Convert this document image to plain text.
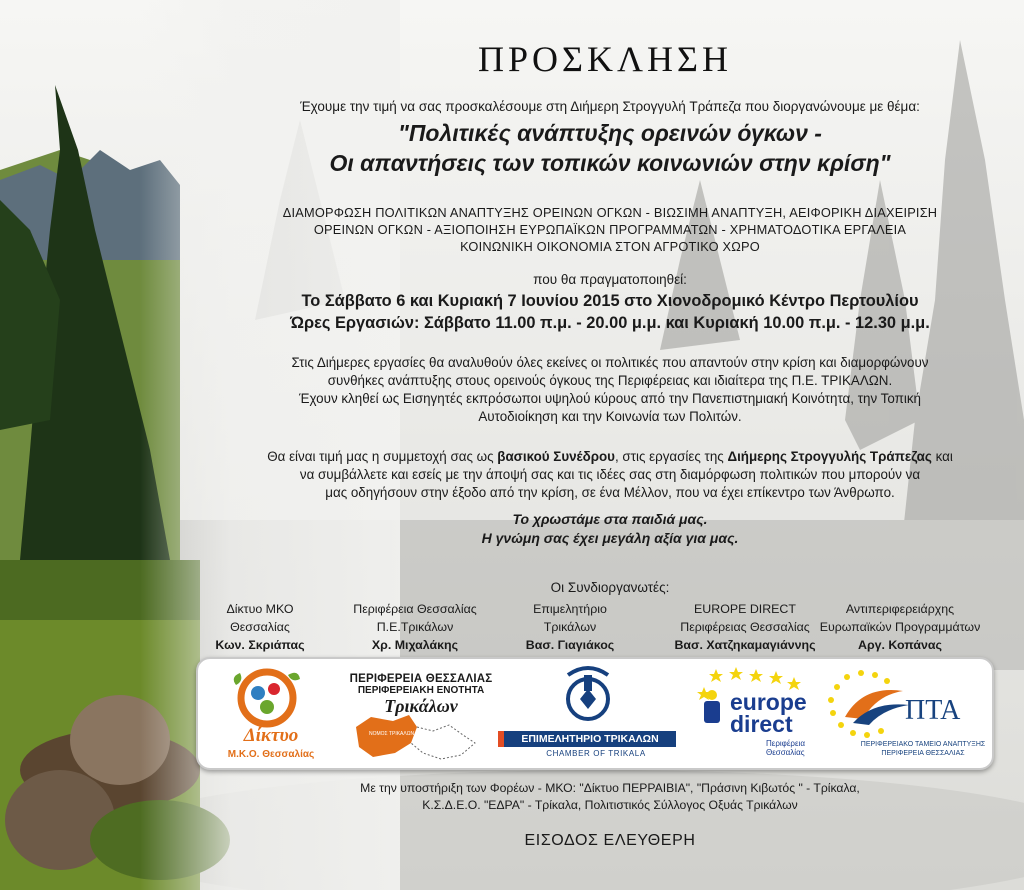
ΠΡΟΣΚΛΗΣΗ
Έχουμε την τιμή να σας προσκαλέσουμε στη Διήμερη Στρογγυλή Τράπεζα που διοργανώνουμε με θέμα:
"Πολιτικές ανάπτυξης ορεινών όγκων -
Οι απαντήσεις των τοπικών κοινωνιών στην κρίση"
ΔΙΑΜΟΡΦΩΣΗ ΠΟΛΙΤΙΚΩΝ ΑΝΑΠΤΥΞΗΣ ΟΡΕΙΝΩΝ ΟΓΚΩΝ - ΒΙΩΣΙΜΗ ΑΝΑΠΤΥΞΗ, ΑΕΙΦΟΡΙΚΗ ΔΙΑΧΕΙΡΙΣΗ
ΟΡΕΙΝΩΝ ΟΓΚΩΝ - ΑΞΙΟΠΟΙΗΣΗ ΕΥΡΩΠΑΪΚΩΝ ΠΡΟΓΡΑΜΜΑΤΩΝ - ΧΡΗΜΑΤΟΔΟΤΙΚΑ ΕΡΓΑΛΕΙΑ
ΚΟΙΝΩΝΙΚΗ ΟΙΚΟΝΟΜΙΑ ΣΤΟΝ ΑΓΡΟΤΙΚΟ ΧΩΡΟ
που θα πραγματοποιηθεί:
Το Σάββατο 6 και Κυριακή 7 Ιουνίου 2015 στο Χιονοδρομικό Κέντρο Περτουλίου
Ώρες Εργασιών: Σάββατο 11.00 π.μ. - 20.00 μ.μ. και Κυριακή 10.00 π.μ. - 12.30 μ.μ.
Στις Διήμερες εργασίες θα αναλυθούν όλες εκείνες οι πολιτικές που απαντούν στην κρίση και διαμορφώνουν
συνθήκες ανάπτυξης στους ορεινούς όγκους της Περιφέρειας και ιδιαίτερα της Π.Ε. ΤΡΙΚΑΛΩΝ.
Έχουν κληθεί ως Εισηγητές εκπρόσωποι υψηλού κύρους από την Πανεπιστημιακή Κοινότητα, την Τοπική
Αυτοδιοίκηση και την Κοινωνία των Πολιτών.
Θα είναι τιμή μας η συμμετοχή σας ως βασικού Συνέδρου, στις εργασίες της Διήμερης Στρογγυλής Τράπεζας και
να συμβάλλετε και εσείς με την άποψή σας και τις ιδέες σας στη διαμόρφωση πολιτικών που μπορούν να
μας οδηγήσουν στην έξοδο από την κρίση, σε ένα Μέλλον, που να έχει επίκεντρο των Άνθρωπο.
Το χρωστάμε στα παιδιά μας.
Η γνώμη σας έχει μεγάλη αξία για μας.
Οι Συνδιοργανωτές:
Δίκτυο ΜΚΟ
Θεσσαλίας
Κων. Σκριάπας
Περιφέρεια Θεσσαλίας
Π.Ε.Τρικάλων
Χρ. Μιχαλάκης
Επιμελητήριο
Τρικάλων
Βασ. Γιαγιάκος
EUROPE DIRECT
Περιφέρειας Θεσσαλίας
Βασ. Χατζηκαμαγιάννης
Αντιπεριφερειάρχης
Ευρωπαϊκών Προγραμμάτων
Αργ. Κοπάνας
Δίκτυο
Μ.Κ.Ο. Θεσσαλίας
ΠΕΡΙΦΕΡΕΙΑ ΘΕΣΣΑΛΙΑΣ
ΠΕΡΙΦΕΡΕΙΑΚΗ ΕΝΟΤΗΤΑ
Τρικάλων
ΝΟΜΟΣ ΤΡΙΚΑΛΩΝ	ΕΠΙΜΕΛΗΤΗΡΙΟ ΤΡΙΚΑΛΩΝ
CHAMBER OF TRIKALA
europe
direct
Περιφέρεια
Θεσσαλίας
ΠΤΑ
ΠΕΡΙΦΕΡΕΙΑΚΟ ΤΑΜΕΙΟ ΑΝΑΠΤΥΞΗΣ
ΠΕΡΙΦΕΡΕΙΑ ΘΕΣΣΑΛΙΑΣ
Με την υποστήριξη των Φορέων - ΜΚΟ: "Δίκτυο ΠΕΡΡΑΙΒΙΑ", "Πράσινη Κιβωτός " - Τρίκαλα,
Κ.Σ.Δ.Ε.Ο. "ΕΔΡΑ" - Τρίκαλα, Πολιτιστικός Σύλλογος Οξυάς Τρικάλων
ΕΙΣΟΔΟΣ ΕΛΕΥΘΕΡΗ
